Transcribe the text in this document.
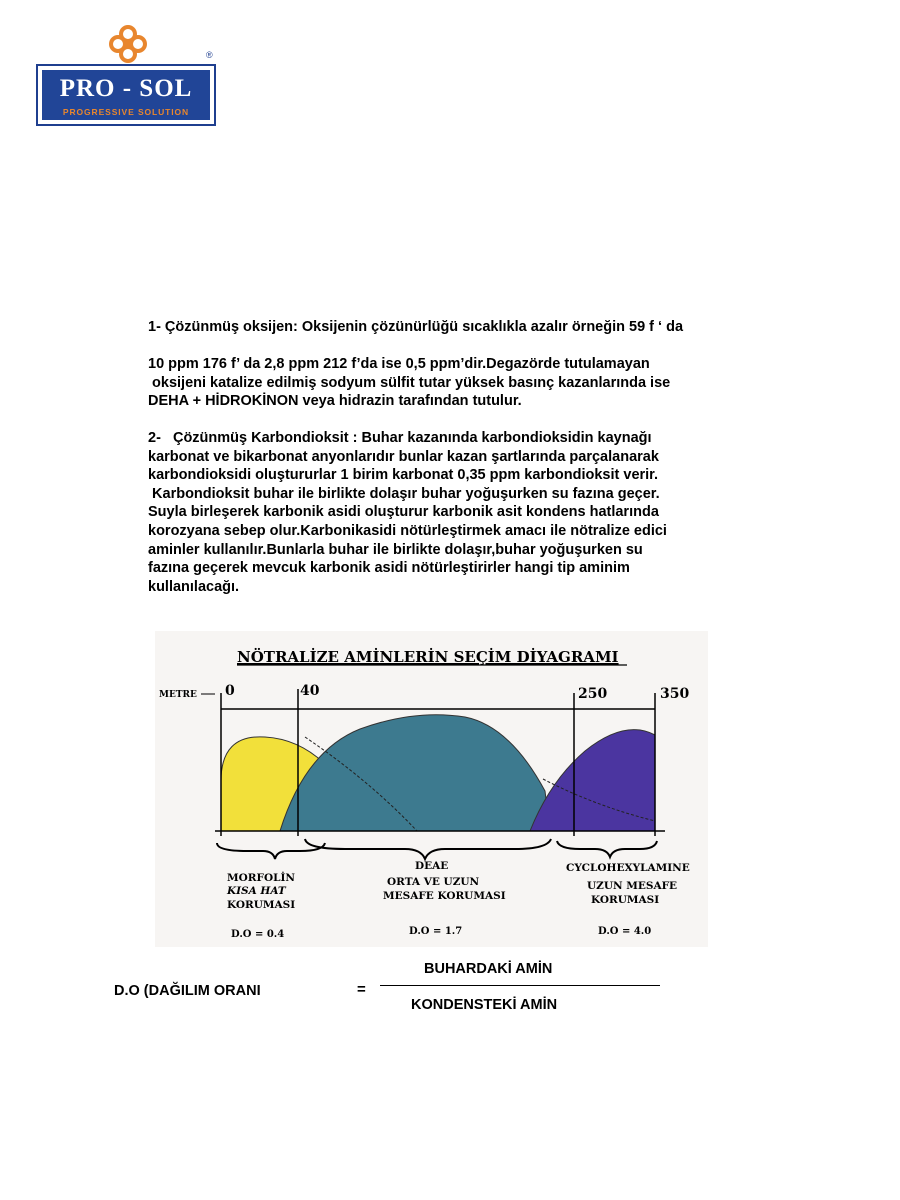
PRO - SOL
PROGRESSIVE SOLUTION
®

1- Çözünmüş oksijen: Oksijenin çözünürlüğü sıcaklıkla azalır örneğin 59 f ‘ da

10 ppm 176 f’ da 2,8 ppm 212 f’da ise 0,5 ppm’dir.Degazörde tutulamayan
oksijeni katalize edilmiş sodyum sülfit tutar yüksek basınç kazanlarında ise
DEHA + HİDROKİNON veya hidrazin tarafından tutulur.

2-   Çözünmüş Karbondioksit : Buhar kazanında karbondioksidin kaynağı
karbonat ve bikarbonat anyonlarıdır bunlar kazan şartlarında parçalanarak
karbondioksidi oluştururlar 1 birim karbonat 0,35 ppm karbondioksit verir.
Karbondioksit buhar ile birlikte dolaşır buhar yoğuşurken su fazına geçer.
Suyla birleşerek karbonik asidi oluşturur karbonik asit kondens hatlarında
korozyana sebep olur.Karbonikasidi nötürleştirmek amacı ile nötralize edici
aminler kullanılır.Bunlarla buhar ile birlikte dolaşır,buhar yoğuşurken su
fazına geçerek mevcuk karbonik asidi nötürleştirirler hangi tip aminim
kullanılacağı.

NÖTRALİZE AMİNLERİN SEÇİM DİYAGRAMI
METRE 0	40	250	350
MORFOLİN
KISA HAT
KORUMASI
D.O = 0.4
DEAE
ORTA VE UZUN
MESAFE KORUMASI
D.O = 1.7
CYCLOHEXYLAMINE
UZUN MESAFE
KORUMASI
D.O = 4.0
D.O (DAĞILIM ORANI	=
BUHARDAKİ AMİN
KONDENSTEKİ AMİN
